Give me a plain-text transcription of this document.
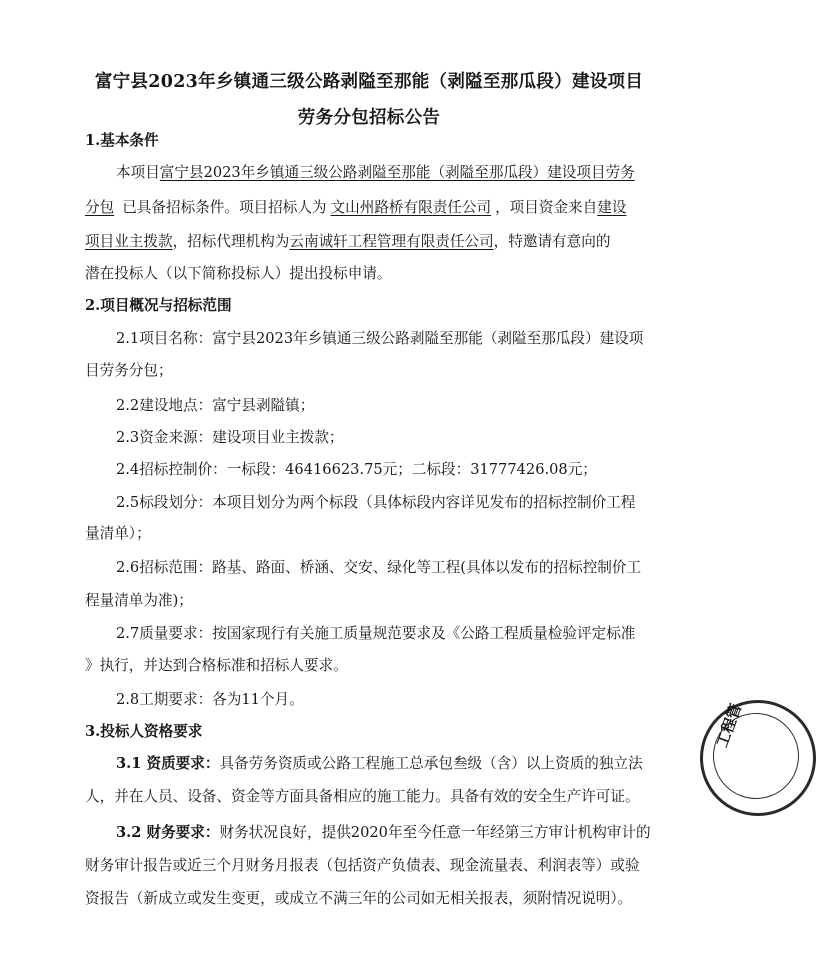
富宁县2023年乡镇通三级公路剥隘至那能（剥隘至那瓜段）建设项目
劳务分包招标公告
1.基本条件
本项目富宁县2023年乡镇通三级公路剥隘至那能（剥隘至那瓜段）建设项目劳务
分包 已具备招标条件。项目招标人为 文山州路桥有限责任公司 ，项目资金来自建设
项目业主拨款，招标代理机构为云南诚轩工程管理有限责任公司，特邀请有意向的
潜在投标人（以下简称投标人）提出投标申请。
2.项目概况与招标范围
2.1项目名称：富宁县2023年乡镇通三级公路剥隘至那能（剥隘至那瓜段）建设项
目劳务分包；
2.2建设地点：富宁县剥隘镇；
2.3资金来源：建设项目业主拨款；
2.4招标控制价：一标段：46416623.75元；二标段：31777426.08元；
2.5标段划分：本项目划分为两个标段（具体标段内容详见发布的招标控制价工程
量清单）；
2.6招标范围：路基、路面、桥涵、交安、绿化等工程(具体以发布的招标控制价工
程量清单为准)；
2.7质量要求：按国家现行有关施工质量规范要求及《公路工程质量检验评定标准
》执行，并达到合格标准和招标人要求。
2.8工期要求：各为11个月。
3.投标人资格要求
3.1 资质要求：具备劳务资质或公路工程施工总承包叁级（含）以上资质的独立法
人，并在人员、设备、资金等方面具备相应的施工能力。具备有效的安全生产许可证。
3.2 财务要求：财务状况良好，提供2020年至今任意一年经第三方审计机构审计的
财务审计报告或近三个月财务月报表（包括资产负债表、现金流量表、利润表等）或验
资报告（新成立或发生变更，或成立不满三年的公司如无相关报表，须附情况说明）。
工程管
